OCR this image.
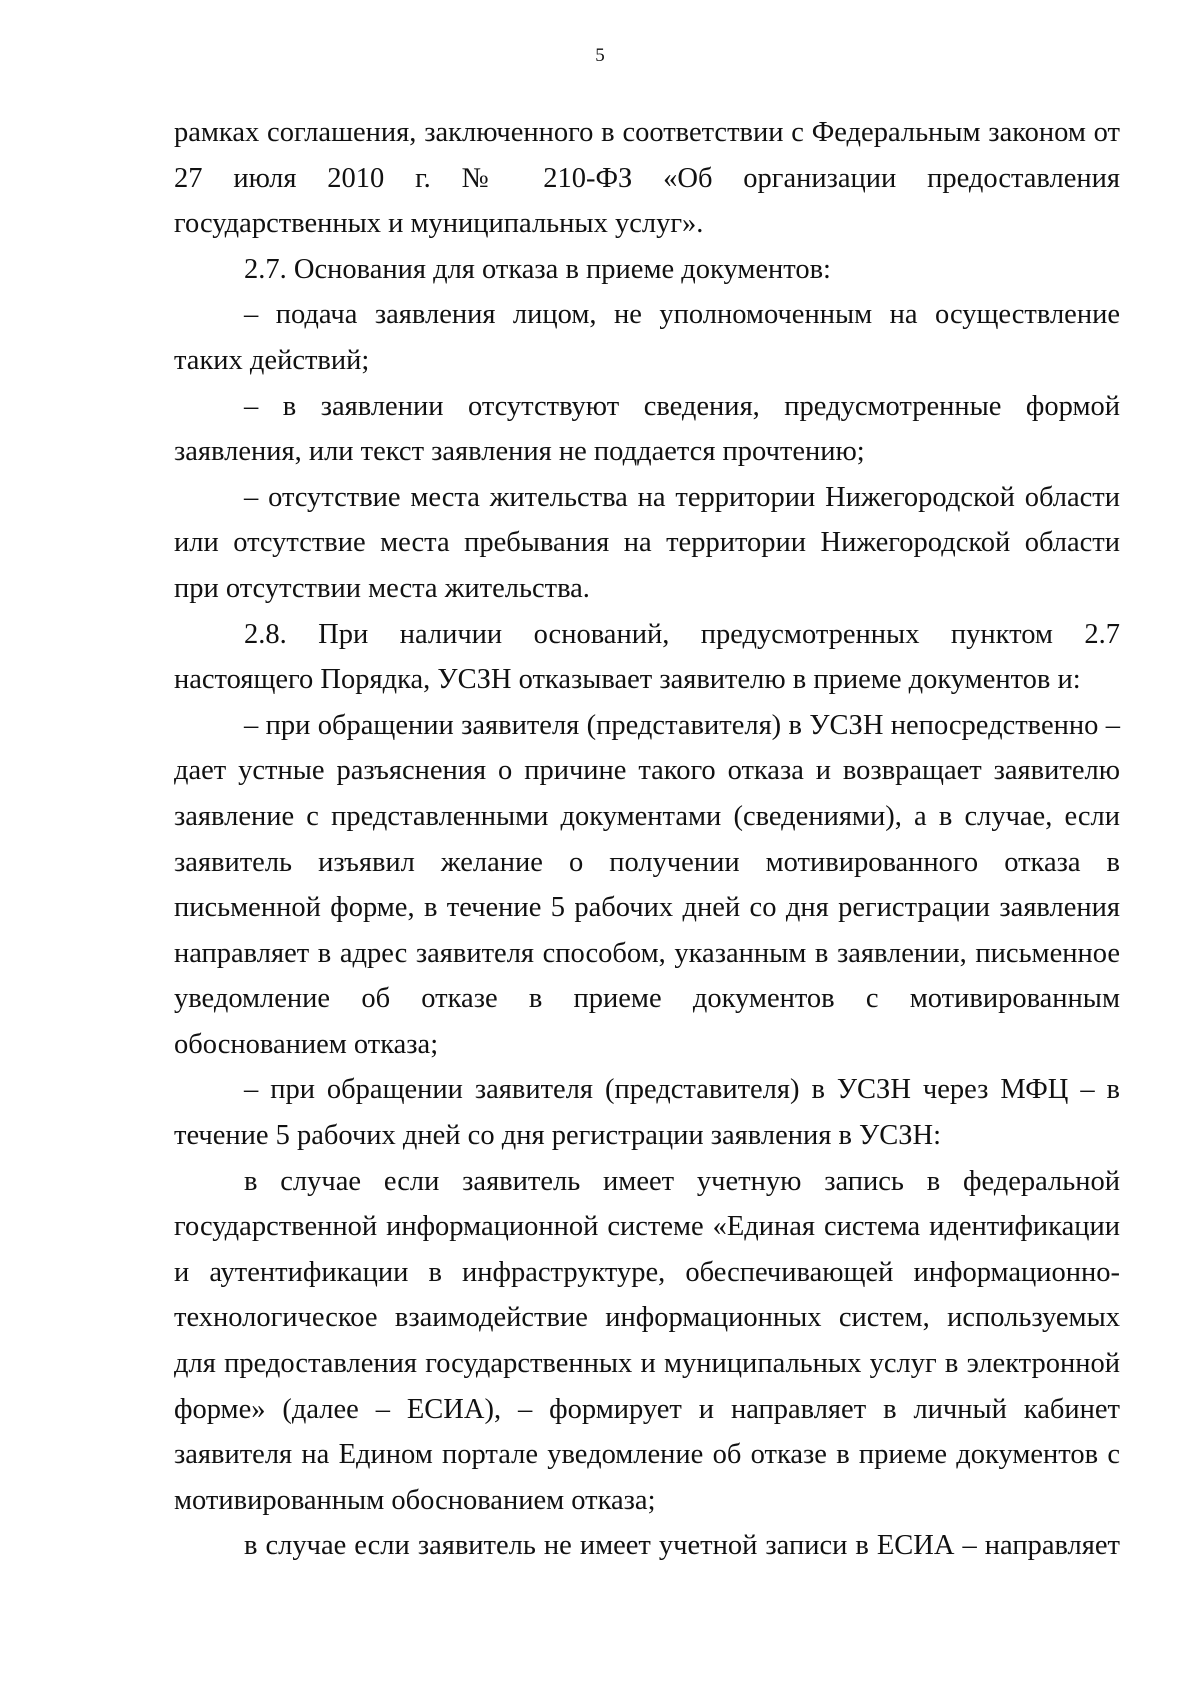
5

рамках соглашения, заключенного в соответствии с Федеральным законом от 27 июля 2010 г. № 210-ФЗ «Об организации предоставления государственных и муниципальных услуг».

2.7. Основания для отказа в приеме документов:

– подача заявления лицом, не уполномоченным на осуществление таких действий;

– в заявлении отсутствуют сведения, предусмотренные формой заявления, или текст заявления не поддается прочтению;

– отсутствие места жительства на территории Нижегородской области или отсутствие места пребывания на территории Нижегородской области при отсутствии места жительства.

2.8. При наличии оснований, предусмотренных пунктом 2.7 настоящего Порядка, УСЗН отказывает заявителю в приеме документов и:

– при обращении заявителя (представителя) в УСЗН непосредственно – дает устные разъяснения о причине такого отказа и возвращает заявителю заявление с представленными документами (сведениями), а в случае, если заявитель изъявил желание о получении мотивированного отказа в письменной форме, в течение 5 рабочих дней со дня регистрации заявления направляет в адрес заявителя способом, указанным в заявлении, письменное уведомление об отказе в приеме документов с мотивированным обоснованием отказа;

– при обращении заявителя (представителя) в УСЗН через МФЦ – в течение 5 рабочих дней со дня регистрации заявления в УСЗН:

в случае если заявитель имеет учетную запись в федеральной государственной информационной системе «Единая система идентификации и аутентификации в инфраструктуре, обеспечивающей информационно-технологическое взаимодействие информационных систем, используемых для предоставления государственных и муниципальных услуг в электронной форме» (далее – ЕСИА), – формирует и направляет в личный кабинет заявителя на Едином портале уведомление об отказе в приеме документов с мотивированным обоснованием отказа;

в случае если заявитель не имеет учетной записи в ЕСИА – направляет
